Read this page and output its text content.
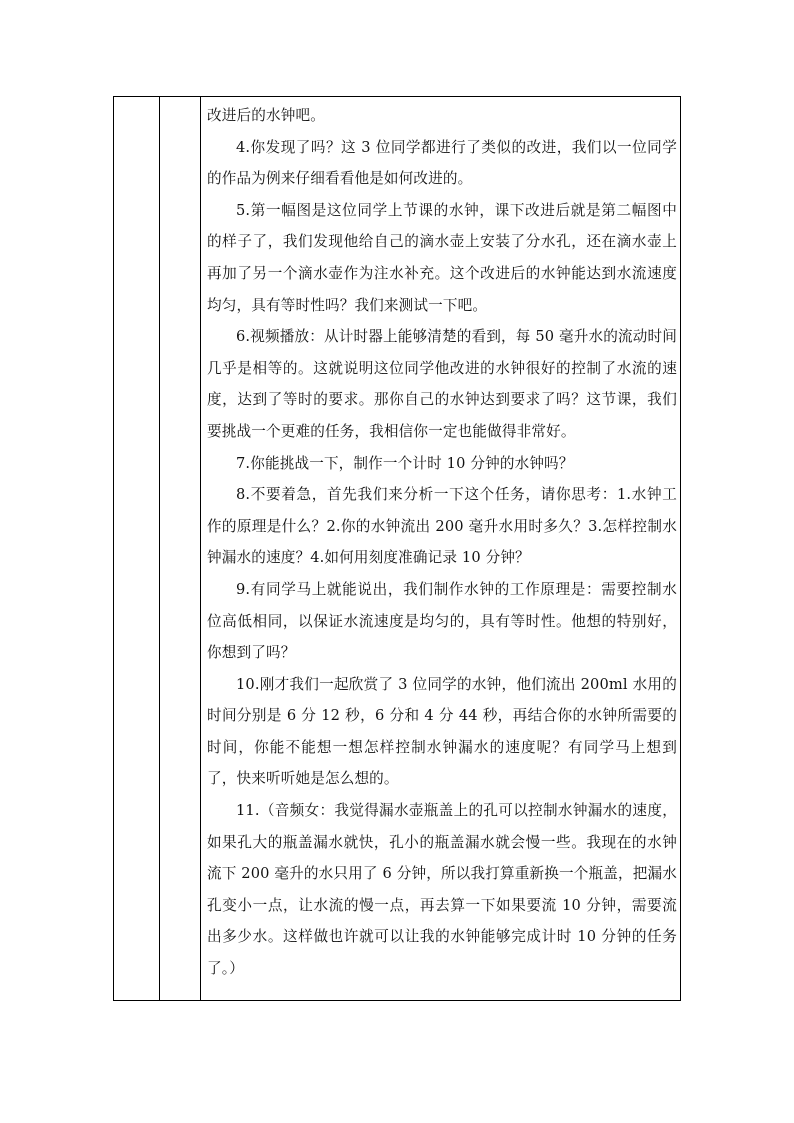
改进后的水钟吧。

4.你发现了吗？这 3 位同学都进行了类似的改进，我们以一位同学的作品为例来仔细看看他是如何改进的。

5.第一幅图是这位同学上节课的水钟，课下改进后就是第二幅图中的样子了，我们发现他给自己的滴水壶上安装了分水孔，还在滴水壶上再加了另一个滴水壶作为注水补充。这个改进后的水钟能达到水流速度均匀，具有等时性吗？我们来测试一下吧。

6.视频播放：从计时器上能够清楚的看到，每 50 毫升水的流动时间几乎是相等的。这就说明这位同学他改进的水钟很好的控制了水流的速度，达到了等时的要求。那你自己的水钟达到要求了吗？这节课，我们要挑战一个更难的任务，我相信你一定也能做得非常好。

7.你能挑战一下，制作一个计时 10 分钟的水钟吗？

8.不要着急，首先我们来分析一下这个任务，请你思考：1.水钟工作的原理是什么？2.你的水钟流出 200 毫升水用时多久？3.怎样控制水钟漏水的速度？4.如何用刻度准确记录 10 分钟？

9.有同学马上就能说出，我们制作水钟的工作原理是：需要控制水位高低相同，以保证水流速度是均匀的，具有等时性。他想的特别好，你想到了吗？

10.刚才我们一起欣赏了 3 位同学的水钟，他们流出 200ml 水用的时间分别是 6 分 12 秒，6 分和 4 分 44 秒，再结合你的水钟所需要的时间，你能不能想一想怎样控制水钟漏水的速度呢？有同学马上想到了，快来听听她是怎么想的。

11.（音频女：我觉得漏水壶瓶盖上的孔可以控制水钟漏水的速度，如果孔大的瓶盖漏水就快，孔小的瓶盖漏水就会慢一些。我现在的水钟流下 200 毫升的水只用了 6 分钟，所以我打算重新换一个瓶盖，把漏水孔变小一点，让水流的慢一点，再去算一下如果要流 10 分钟，需要流出多少水。这样做也许就可以让我的水钟能够完成计时 10 分钟的任务了。）
